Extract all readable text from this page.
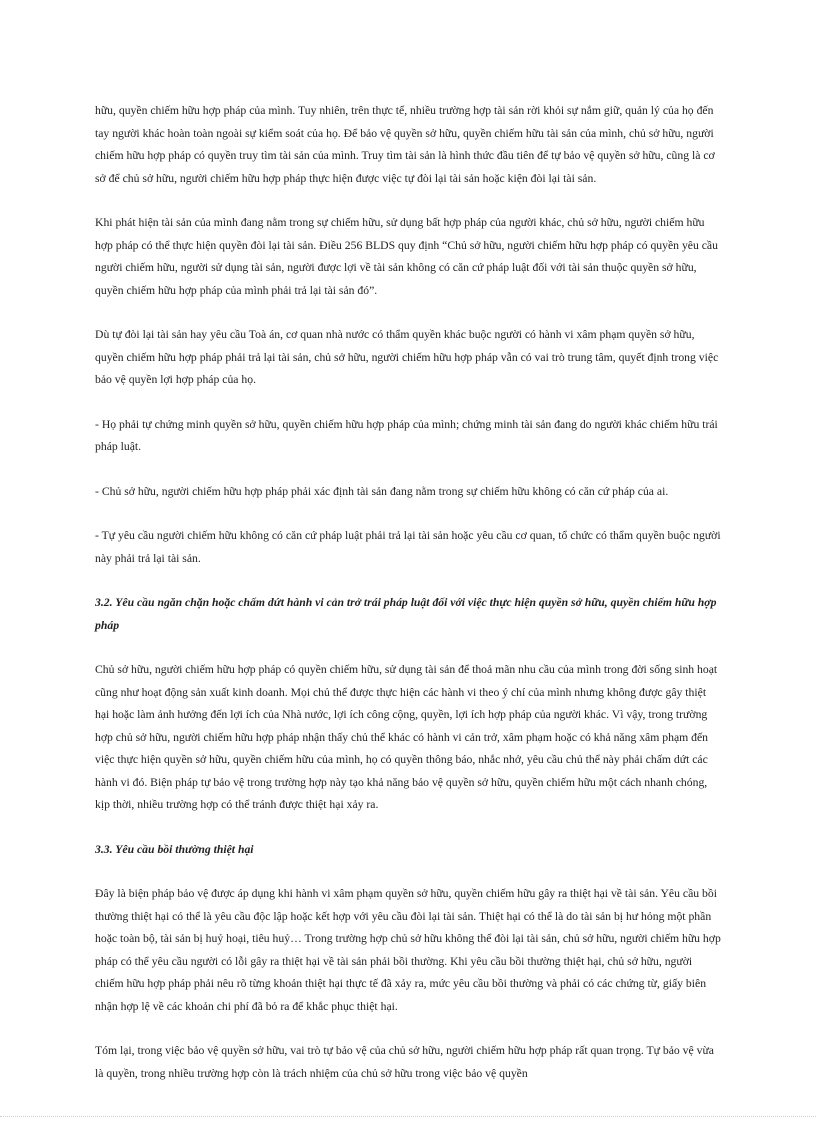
hữu, quyền chiếm hữu hợp pháp của mình. Tuy nhiên, trên thực tế, nhiều trường hợp tài sản rời khỏi sự nắm giữ, quản lý của họ đến tay người khác hoàn toàn ngoài sự kiểm soát của họ. Để bảo vệ quyền sở hữu, quyền chiếm hữu tài sản của mình, chủ sở hữu, người chiếm hữu hợp pháp có quyền truy tìm tài sản của mình. Truy tìm tài sản là hình thức đầu tiên để tự bảo vệ quyền sở hữu, cũng là cơ sở để chủ sở hữu, người chiếm hữu hợp pháp thực hiện được việc tự đòi lại tài sản hoặc kiện đòi lại tài sản.

Khi phát hiện tài sản của mình đang nằm trong sự chiếm hữu, sử dụng bất hợp pháp của người khác, chủ sở hữu, người chiếm hữu hợp pháp có thể thực hiện quyền đòi lại tài sản. Điều 256 BLDS quy định “Chủ sở hữu, người chiếm hữu hợp pháp có quyền yêu cầu người chiếm hữu, người sử dụng tài sản, người được lợi về tài sản không có căn cứ pháp luật đối với tài sản thuộc quyền sở hữu, quyền chiếm hữu hợp pháp của mình phải trả lại tài sản đó”.

Dù tự đòi lại tài sản hay yêu cầu Toà án, cơ quan nhà nước có thẩm quyền khác buộc người có hành vi xâm phạm quyền sở hữu, quyền chiếm hữu hợp pháp phải trả lại tài sản, chủ sở hữu, người chiếm hữu hợp pháp vẫn có vai trò trung tâm, quyết định trong việc bảo vệ quyền lợi hợp pháp của họ.

- Họ phải tự chứng minh quyền sở hữu, quyền chiếm hữu hợp pháp của mình; chứng minh tài sản đang do người khác chiếm hữu trái pháp luật.

- Chủ sở hữu, người chiếm hữu hợp pháp phải xác định tài sản đang nằm trong sự chiếm hữu không có căn cứ pháp của ai.

- Tự yêu cầu người chiếm hữu không có căn cứ pháp luật phải trả lại tài sản hoặc yêu cầu cơ quan, tổ chức có thẩm quyền buộc người này phải trả lại tài sản.

3.2. Yêu cầu ngăn chặn hoặc chấm dứt hành vi cản trở trái pháp luật đối với việc thực hiện quyền sở hữu, quyền chiếm hữu hợp pháp

Chủ sở hữu, người chiếm hữu hợp pháp có quyền chiếm hữu, sử dụng tài sản để thoả mãn nhu cầu của mình trong đời sống sinh hoạt cũng như hoạt động sản xuất kinh doanh. Mọi chủ thể được thực hiện các hành vi theo ý chí của mình nhưng không được gây thiệt hại hoặc làm ảnh hưởng đến lợi ích của Nhà nước, lợi ích công cộng, quyền, lợi ích hợp pháp của người khác. Vì vậy, trong trường hợp chủ sở hữu, người chiếm hữu hợp pháp nhận thấy chủ thể khác có hành vi cản trở, xâm phạm hoặc có khả năng xâm phạm đến việc thực hiện quyền sở hữu, quyền chiếm hữu của mình, họ có quyền thông báo, nhắc nhở, yêu cầu chủ thể này phải chấm dứt các hành vi đó. Biện pháp tự bảo vệ trong trường hợp này tạo khả năng bảo vệ quyền sở hữu, quyền chiếm hữu một cách nhanh chóng, kịp thời, nhiều trường hợp có thể tránh được thiệt hại xảy ra.

3.3. Yêu cầu bồi thường thiệt hại

Đây là biện pháp bảo vệ được áp dụng khi hành vi xâm phạm quyền sở hữu, quyền chiếm hữu gây ra thiệt hại về tài sản. Yêu cầu bồi thường thiệt hại có thể là yêu cầu độc lập hoặc kết hợp với yêu cầu đòi lại tài sản. Thiệt hại có thể là do tài sản bị hư hỏng một phần hoặc toàn bộ, tài sản bị huỷ hoại, tiêu huỷ… Trong trường hợp chủ sở hữu không thể đòi lại tài sản, chủ sở hữu, người chiếm hữu hợp pháp có thể yêu cầu người có lỗi gây ra thiệt hại về tài sản phải bồi thường. Khi yêu cầu bồi thường thiệt hại, chủ sở hữu, người chiếm hữu hợp pháp phải nêu rõ từng khoản thiệt hại thực tế đã xảy ra, mức yêu cầu bồi thường và phải có các chứng từ, giấy biên nhận hợp lệ về các khoản chi phí đã bỏ ra để khắc phục thiệt hại.

Tóm lại, trong việc bảo vệ quyền sở hữu, vai trò tự bảo vệ của chủ sở hữu, người chiếm hữu hợp pháp rất quan trọng. Tự bảo vệ vừa là quyền, trong nhiều trường hợp còn là trách nhiệm của chủ sở hữu trong việc bảo vệ quyền
